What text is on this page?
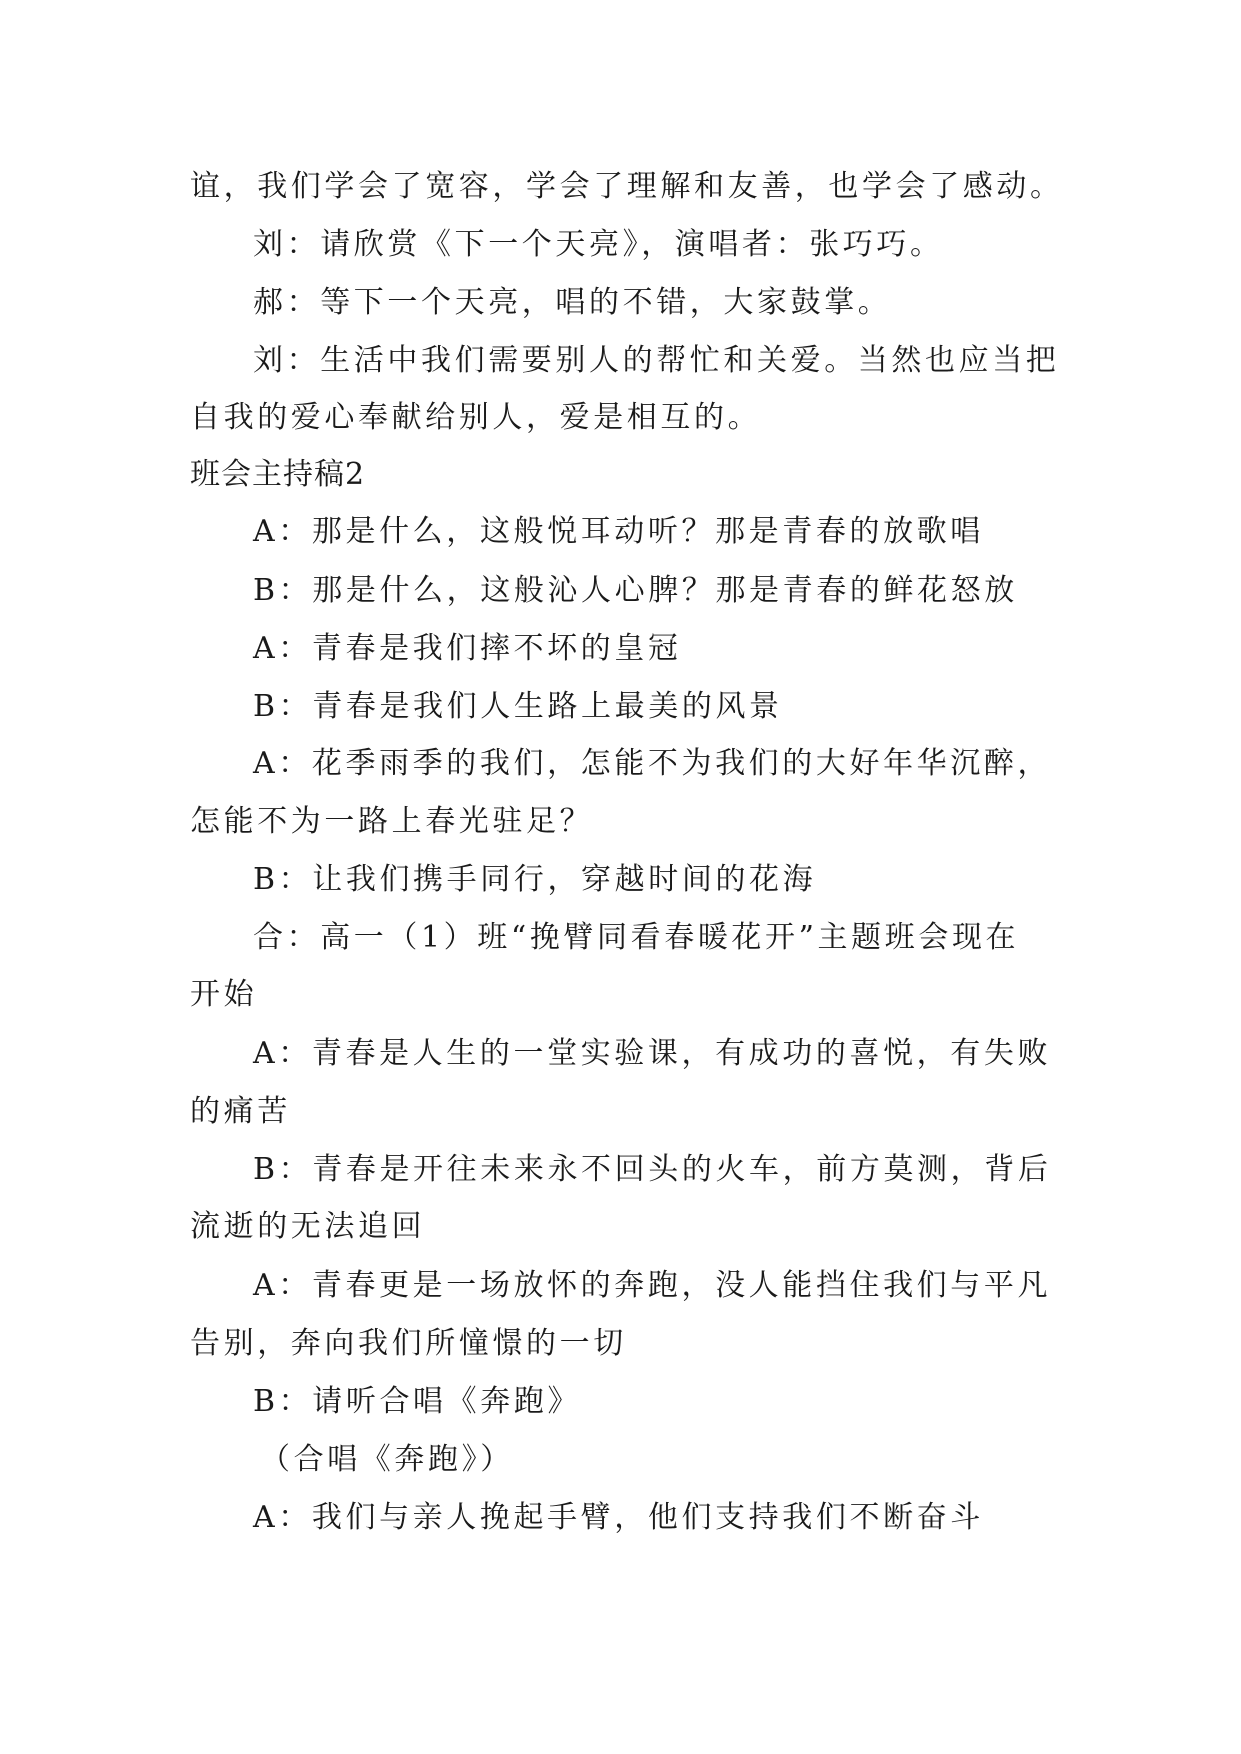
谊，我们学会了宽容，学会了理解和友善，也学会了感动。
刘：请欣赏《下一个天亮》，演唱者：张巧巧。
郝：等下一个天亮，唱的不错，大家鼓掌。
刘：生活中我们需要别人的帮忙和关爱。当然也应当把
自我的爱心奉献给别人，爱是相互的。
班会主持稿2
A：那是什么，这般悦耳动听？那是青春的放歌唱
B：那是什么，这般沁人心脾？那是青春的鲜花怒放
A：青春是我们摔不坏的皇冠
B：青春是我们人生路上最美的风景
A：花季雨季的我们，怎能不为我们的大好年华沉醉，
怎能不为一路上春光驻足？
B：让我们携手同行，穿越时间的花海
合：高一（1）班“挽臂同看春暖花开”主题班会现在
开始
A：青春是人生的一堂实验课，有成功的喜悦，有失败
的痛苦
B：青春是开往未来永不回头的火车，前方莫测，背后
流逝的无法追回
A：青春更是一场放怀的奔跑，没人能挡住我们与平凡
告别，奔向我们所憧憬的一切
B：请听合唱《奔跑》
（合唱《奔跑》）
A：我们与亲人挽起手臂，他们支持我们不断奋斗
